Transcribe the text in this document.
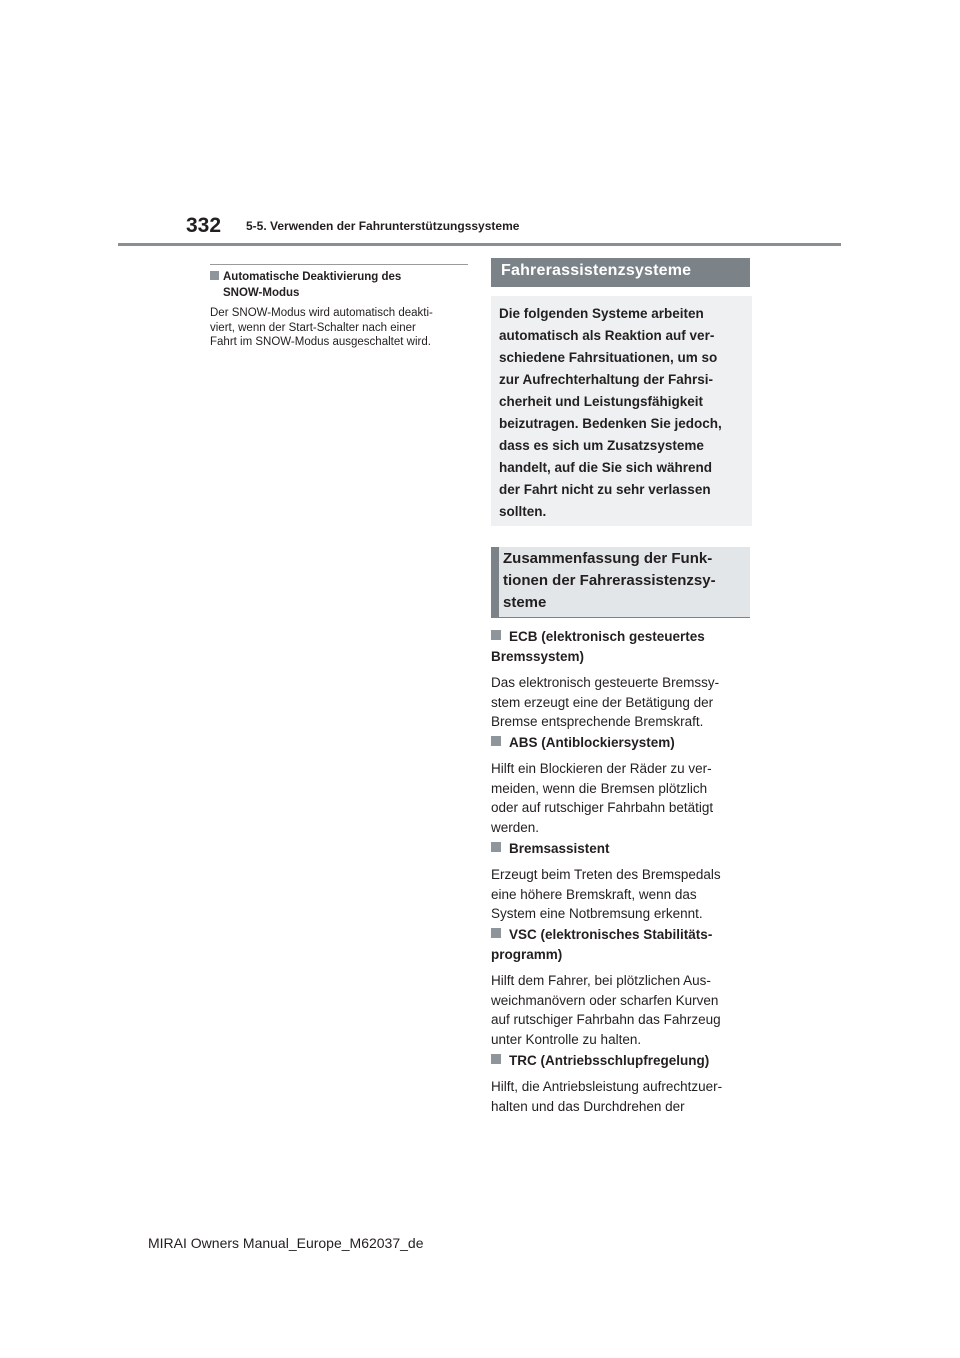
332 5-5. Verwenden der Fahrunterstützungssysteme
Automatische Deaktivierung des
SNOW-Modus
Der SNOW-Modus wird automatisch deakti-
viert, wenn der Start-Schalter nach einer
Fahrt im SNOW-Modus ausgeschaltet wird.
Fahrerassistenzsysteme
Die folgenden Systeme arbeiten
automatisch als Reaktion auf ver-
schiedene Fahrsituationen, um so
zur Aufrechterhaltung der Fahrsi-
cherheit und Leistungsfähigkeit
beizutragen. Bedenken Sie jedoch,
dass es sich um Zusatzsysteme
handelt, auf die Sie sich während
der Fahrt nicht zu sehr verlassen
sollten.
Zusammenfassung der Funk-
tionen der Fahrerassistenzsy-
steme
ECB (elektronisch gesteuertes
Bremssystem)
Das elektronisch gesteuerte Bremssy-
stem erzeugt eine der Betätigung der
Bremse entsprechende Bremskraft.
ABS (Antiblockiersystem)
Hilft ein Blockieren der Räder zu ver-
meiden, wenn die Bremsen plötzlich
oder auf rutschiger Fahrbahn betätigt
werden.
Bremsassistent
Erzeugt beim Treten des Bremspedals
eine höhere Bremskraft, wenn das
System eine Notbremsung erkennt.
VSC (elektronisches Stabilitäts-
programm)
Hilft dem Fahrer, bei plötzlichen Aus-
weichmanövern oder scharfen Kurven
auf rutschiger Fahrbahn das Fahrzeug
unter Kontrolle zu halten.
TRC (Antriebsschlupfregelung)
Hilft, die Antriebsleistung aufrechtzuer-
halten und das Durchdrehen der
MIRAI Owners Manual_Europe_M62037_de
